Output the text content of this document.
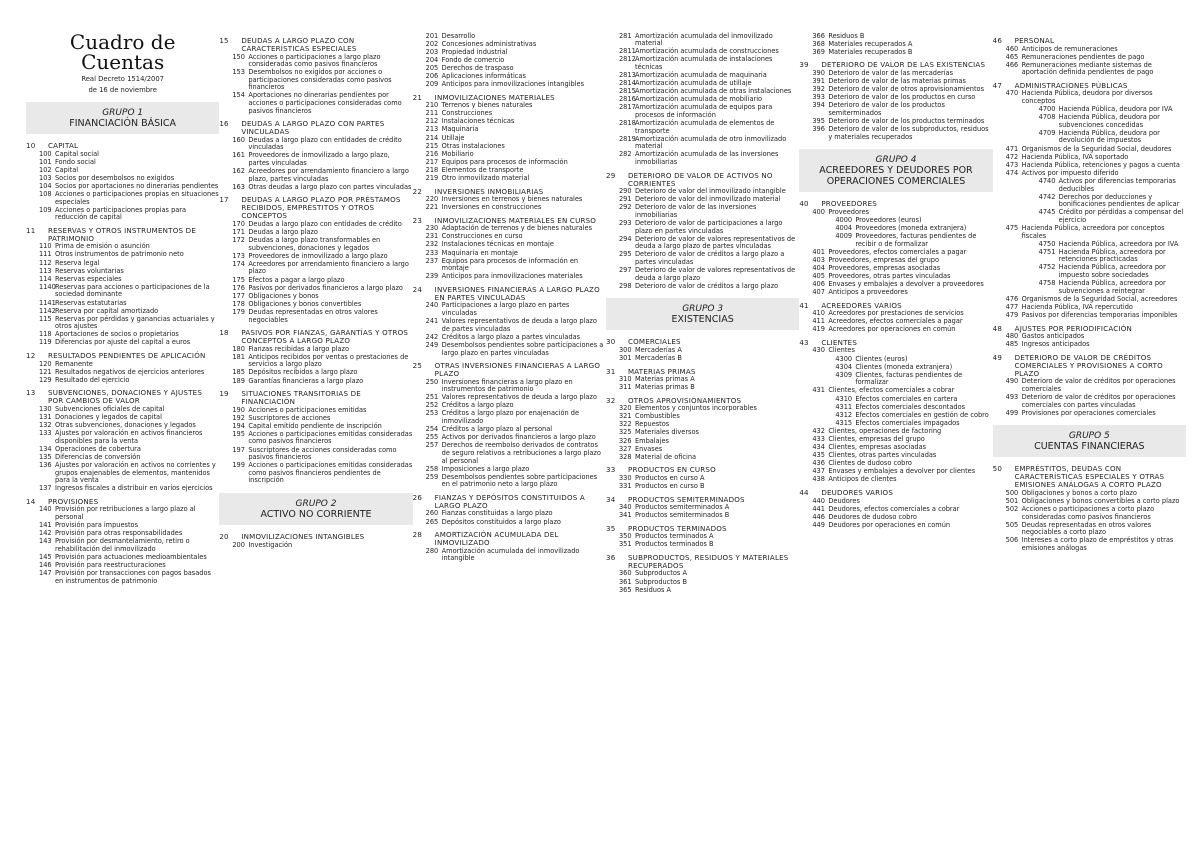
Cuadro de
Cuentas
Real Decreto 1514/2007
de 16 de noviembre
GRUPO 1
FINANCIACIÓN BÁSICA
10	CAPITAL
100 Capital social
101 Fondo social
102 Capital
103 Socios por desembolsos no exigidos
104 Socios por aportaciones no dinerarias pendientes
108 Acciones o participaciones propias en situaciones especiales
109 Acciones o participaciones propias para reducción de capital
11	RESERVAS Y OTROS INSTRUMENTOS DE PATRIMONIO
110 Prima de emisión o asunción
111 Otros instrumentos de patrimonio neto
112 Reserva legal
113 Reservas voluntarias
114 Reservas especiales
1140 Reservas para acciones o participaciones de la sociedad dominante
1141 Reservas estatutarias
1142 Reserva por capital amortizado
115 Reservas por pérdidas y ganancias actuariales y otros ajustes
118 Aportaciones de socios o propietarios
119 Diferencias por ajuste del capital a euros
12	RESULTADOS PENDIENTES DE APLICACIÓN
120 Remanente
121 Resultados negativos de ejercicios anteriores
129 Resultado del ejercicio
13	SUBVENCIONES, DONACIONES Y AJUSTES POR CAMBIOS DE VALOR
130 Subvenciones oficiales de capital
131 Donaciones y legados de capital
132 Otras subvenciones, donaciones y legados
133 Ajustes por valoración en activos financieros disponibles para la venta
134 Operaciones de cobertura
135 Diferencias de conversión
136 Ajustes por valoración en activos no corrientes y grupos enajenables de elementos, mantenidos para la venta
137 Ingresos fiscales a distribuir en varios ejercicios
14	PROVISIONES
140 Provisión por retribuciones a largo plazo al personal
141 Provisión para impuestos
142 Provisión para otras responsabilidades
143 Provisión por desmantelamiento, retiro o rehabilitación del inmovilizado
145 Provisión para actuaciones medioambientales
146 Provisión para reestructuraciones
147 Provisión por transacciones con pagos basados en instrumentos de patrimonio
15	DEUDAS A LARGO PLAZO CON CARACTERÍSTICAS ESPECIALES
150 Acciones o participaciones a largo plazo consideradas como pasivos financieros
153 Desembolsos no exigidos por acciones o participaciones consideradas como pasivos financieros
154 Aportaciones no dinerarias pendientes por acciones o participaciones consideradas como pasivos financieros
16	DEUDAS A LARGO PLAZO CON PARTES VINCULADAS
160 Deudas a largo plazo con entidades de crédito vinculadas
161 Proveedores de inmovilizado a largo plazo, partes vinculadas
162 Acreedores por arrendamiento financiero a largo plazo, partes vinculadas
163 Otras deudas a largo plazo con partes vinculadas
17	DEUDAS A LARGO PLAZO POR PRÉSTAMOS RECIBIDOS, EMPRÉSTITOS Y OTROS CONCEPTOS
170 Deudas a largo plazo con entidades de crédito
171 Deudas a largo plazo
172 Deudas a largo plazo transformables en subvenciones, donaciones y legados
173 Proveedores de inmovilizado a largo plazo
174 Acreedores por arrendamiento financiero a largo plazo
175 Efectos a pagar a largo plazo
176 Pasivos por derivados financieros a largo plazo
177 Obligaciones y bonos
178 Obligaciones y bonos convertibles
179 Deudas representadas en otros valores negociables
18	PASIVOS POR FIANZAS, GARANTÍAS Y OTROS CONCEPTOS A LARGO PLAZO
180 Fianzas recibidas a largo plazo
181 Anticipos recibidos por ventas o prestaciones de servicios a largo plazo
185 Depósitos recibidos a largo plazo
189 Garantías financieras a largo plazo
19	SITUACIONES TRANSITORIAS DE FINANCIACIÓN
190 Acciones o participaciones emitidas
192 Suscriptores de acciones
194 Capital emitido pendiente de inscripción
195 Acciones o participaciones emitidas consideradas como pasivos financieros
197 Suscriptores de acciones consideradas como pasivos financieros
199 Acciones o participaciones emitidas consideradas como pasivos financieros pendientes de inscripción
GRUPO 2
ACTIVO NO CORRIENTE
20	INMOVILIZACIONES INTANGIBLES
200 Investigación
201 Desarrollo
202 Concesiones administrativas
203 Propiedad industrial
204 Fondo de comercio
205 Derechos de traspaso
206 Aplicaciones informáticas
209 Anticipos para inmovilizaciones intangibles
21	INMOVILIZACIONES MATERIALES
210 Terrenos y bienes naturales
211 Construcciones
212 Instalaciones técnicas
213 Maquinaria
214 Utillaje
215 Otras instalaciones
216 Mobiliario
217 Equipos para procesos de información
218 Elementos de transporte
219 Otro inmovilizado material
22	INVERSIONES INMOBILIARIAS
220 Inversiones en terrenos y bienes naturales
221 Inversiones en construcciones
23	INMOVILIZACIONES MATERIALES EN CURSO
230 Adaptación de terrenos y de bienes naturales
231 Construcciones en curso
232 Instalaciones técnicas en montaje
233 Maquinaria en montaje
237 Equipos para procesos de información en montaje
239 Anticipos para inmovilizaciones materiales
24	INVERSIONES FINANCIERAS A LARGO PLAZO EN PARTES VINCULADAS
240 Participaciones a largo plazo en partes vinculadas
241 Valores representativos de deuda a largo plazo de partes vinculadas
242 Créditos a largo plazo a partes vinculadas
249 Desembolsos pendientes sobre participaciones a largo plazo en partes vinculadas
25	OTRAS INVERSIONES FINANCIERAS A LARGO PLAZO
250 Inversiones financieras a largo plazo en instrumentos de patrimonio
251 Valores representativos de deuda a largo plazo
252 Créditos a largo plazo
253 Créditos a largo plazo por enajenación de inmovilizado
254 Créditos a largo plazo al personal
255 Activos por derivados financieros a largo plazo
257 Derechos de reembolso derivados de contratos de seguro relativos a retribuciones a largo plazo al personal
258 Imposiciones a largo plazo
259 Desembolsos pendientes sobre participaciones en el patrimonio neto a largo plazo
26	FIANZAS Y DEPÓSITOS CONSTITUIDOS A LARGO PLAZO
260 Fianzas constituidas a largo plazo
265 Depósitos constituidos a largo plazo
28	AMORTIZACIÓN ACUMULADA DEL INMOVILIZADO
280 Amortización acumulada del inmovilizado intangible
281 Amortización acumulada del inmovilizado material
2811 Amortización acumulada de construcciones
2812 Amortización acumulada de instalaciones técnicas
2813 Amortización acumulada de maquinaria
2814 Amortización acumulada de utillaje
2815 Amortización acumulada de otras instalaciones
2816 Amortización acumulada de mobiliario
2817 Amortización acumulada de equipos para procesos de información
2818 Amortización acumulada de elementos de transporte
2819 Amortización acumulada de otro inmovilizado material
282 Amortización acumulada de las inversiones inmobiliarias
29	DETERIORO DE VALOR DE ACTIVOS NO CORRIENTES
290 Deterioro de valor del inmovilizado intangible
291 Deterioro de valor del inmovilizado material
292 Deterioro de valor de las inversiones inmobiliarias
293 Deterioro de valor de participaciones a largo plazo en partes vinculadas
294 Deterioro de valor de valores representativos de deuda a largo plazo de partes vinculadas
295 Deterioro de valor de créditos a largo plazo a partes vinculadas
297 Deterioro de valor de valores representativos de deuda a largo plazo
298 Deterioro de valor de créditos a largo plazo
GRUPO 3
EXISTENCIAS
30	COMERCIALES
300 Mercaderías A
301 Mercaderías B
31	MATERIAS PRIMAS
310 Materias primas A
311 Materias primas B
32	OTROS APROVISIONAMIENTOS
320 Elementos y conjuntos incorporables
321 Combustibles
322 Repuestos
325 Materiales diversos
326 Embalajes
327 Envases
328 Material de oficina
33	PRODUCTOS EN CURSO
330 Productos en curso A
331 Productos en curso B
34	PRODUCTOS SEMITERMINADOS
340 Productos semiterminados A
341 Productos semiterminados B
35	PRODUCTOS TERMINADOS
350 Productos terminados A
351 Productos terminados B
36	SUBPRODUCTOS, RESIDUOS Y MATERIALES RECUPERADOS
360 Subproductos A
361 Subproductos B
365 Residuos A
366 Residuos B
368 Materiales recuperados A
369 Materiales recuperados B
39	DETERIORO DE VALOR DE LAS EXISTENCIAS
390 Deterioro de valor de las mercaderías
391 Deterioro de valor de las materias primas
392 Deterioro de valor de otros aprovisionamientos
393 Deterioro de valor de los productos en curso
394 Deterioro de valor de los productos semiterminados
395 Deterioro de valor de los productos terminados
396 Deterioro de valor de los subproductos, residuos y materiales recuperados
GRUPO 4
ACREEDORES Y DEUDORES POR OPERACIONES COMERCIALES
40	PROVEEDORES
400 Proveedores
4000 Proveedores (euros)
4004 Proveedores (moneda extranjera)
4009 Proveedores, facturas pendientes de recibir o de formalizar
401 Proveedores, efectos comerciales a pagar
403 Proveedores, empresas del grupo
404 Proveedores, empresas asociadas
405 Proveedores, otras partes vinculadas
406 Envases y embalajes a devolver a proveedores
407 Anticipos a proveedores
41	ACREEDORES VARIOS
410 Acreedores por prestaciones de servicios
411 Acreedores, efectos comerciales a pagar
419 Acreedores por operaciones en común
43	CLIENTES
430 Clientes
4300 Clientes (euros)
4304 Clientes (moneda extranjera)
4309 Clientes, facturas pendientes de formalizar
431 Clientes, efectos comerciales a cobrar
4310 Efectos comerciales en cartera
4311 Efectos comerciales descontados
4312 Efectos comerciales en gestión de cobro
4315 Efectos comerciales impagados
432 Clientes, operaciones de factoring
433 Clientes, empresas del grupo
434 Clientes, empresas asociadas
435 Clientes, otras partes vinculadas
436 Clientes de dudoso cobro
437 Envases y embalajes a devolver por clientes
438 Anticipos de clientes
44	DEUDORES VARIOS
440 Deudores
441 Deudores, efectos comerciales a cobrar
446 Deudores de dudoso cobro
449 Deudores por operaciones en común
46	PERSONAL
460 Anticipos de remuneraciones
465 Remuneraciones pendientes de pago
466 Remuneraciones mediante sistemas de aportación definida pendientes de pago
47	ADMINISTRACIONES PÚBLICAS
470 Hacienda Pública, deudora por diversos conceptos
4700 Hacienda Pública, deudora por IVA
4708 Hacienda Pública, deudora por subvenciones concedidas
4709 Hacienda Pública, deudora por devolución de impuestos
471 Organismos de la Seguridad Social, deudores
472 Hacienda Pública, IVA soportado
473 Hacienda Pública, retenciones y pagos a cuenta
474 Activos por impuesto diferido
4740 Activos por diferencias temporarias deducibles
4742 Derechos por deducciones y bonificaciones pendientes de aplicar
4745 Crédito por pérdidas a compensar del ejercicio
475 Hacienda Pública, acreedora por conceptos fiscales
4750 Hacienda Pública, acreedora por IVA
4751 Hacienda Pública, acreedora por retenciones practicadas
4752 Hacienda Pública, acreedora por impuesto sobre sociedades
4758 Hacienda Pública, acreedora por subvenciones a reintegrar
476 Organismos de la Seguridad Social, acreedores
477 Hacienda Pública, IVA repercutido
479 Pasivos por diferencias temporarias imponibles
48	AJUSTES POR PERIODIFICACIÓN
480 Gastos anticipados
485 Ingresos anticipados
49	DETERIORO DE VALOR DE CRÉDITOS COMERCIALES Y PROVISIONES A CORTO PLAZO
490 Deterioro de valor de créditos por operaciones comerciales
493 Deterioro de valor de créditos por operaciones comerciales con partes vinculadas
499 Provisiones por operaciones comerciales
GRUPO 5
CUENTAS FINANCIERAS
50	EMPRÉSTITOS, DEUDAS CON CARACTERÍSTICAS ESPECIALES Y OTRAS EMISIONES ANÁLOGAS A CORTO PLAZO
500 Obligaciones y bonos a corto plazo
501 Obligaciones y bonos convertibles a corto plazo
502 Acciones o participaciones a corto plazo consideradas como pasivos financieros
505 Deudas representadas en otros valores negociables a corto plazo
506 Intereses a corto plazo de empréstitos y otras emisiones análogas
